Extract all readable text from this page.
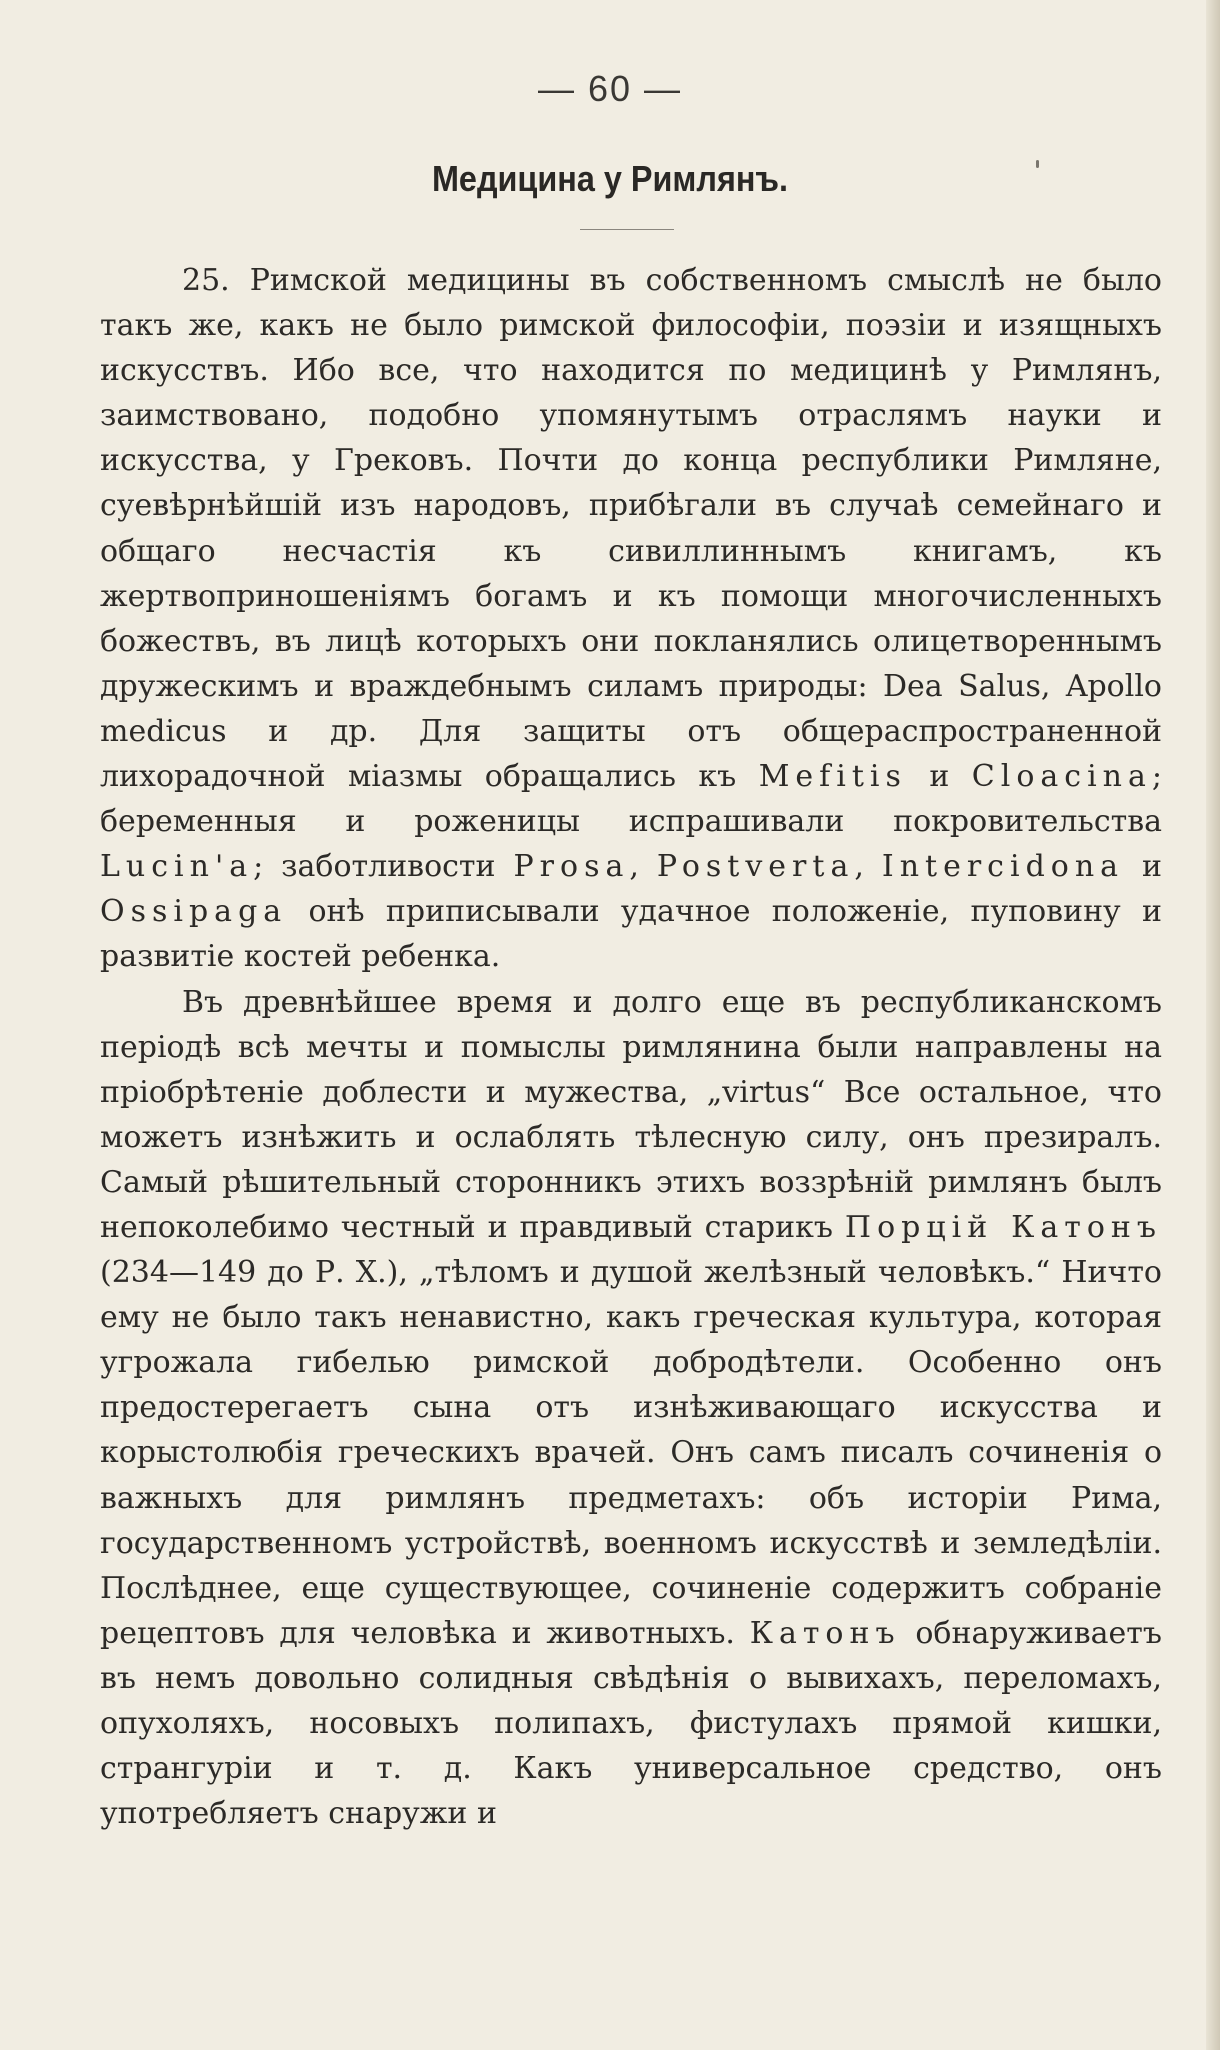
— 60 —
Медицина у Римлянъ.

25. Римской медицины въ собственномъ смыслѣ не было такъ же, какъ не было римской философіи, поэзіи и изящныхъ искусствъ. Ибо все, что находится по медицинѣ у Римлянъ, заимствовано, подобно упомянутымъ отраслямъ науки и искусства, у Грековъ. Почти до конца республики Римляне, суевѣрнѣйшій изъ народовъ, прибѣгали въ случаѣ семейнаго и общаго несчастія къ сивиллиннымъ книгамъ, къ жертвоприношеніямъ богамъ и къ помощи многочисленныхъ божествъ, въ лицѣ которыхъ они покланялись олицетвореннымъ дружескимъ и враждебнымъ силамъ природы: Dea Salus, Apollo medicus и др. Для защиты отъ общераспространенной лихорадочной міазмы обращались къ Mefitis и Cloacina; беременныя и роженицы испрашивали покровительства Lucin'a; заботливости Prosa, Postverta, Intercidona и Ossipaga онѣ приписывали удачное положеніе, пуповину и развитіе костей ребенка.

Въ древнѣйшее время и долго еще въ республиканскомъ періодѣ всѣ мечты и помыслы римлянина были направлены на пріобрѣтеніе доблести и мужества, „virtus“ Все остальное, что можетъ изнѣжить и ослаблять тѣлесную силу, онъ презиралъ. Самый рѣшительный сторонникъ этихъ воззрѣній римлянъ былъ непоколебимо честный и правдивый старикъ Порцій Катонъ (234—149 до Р. Х.), „тѣломъ и душой желѣзный человѣкъ.“ Ничто ему не было такъ ненавистно, какъ греческая культура, которая угрожала гибелью римской добродѣтели. Особенно онъ предостерегаетъ сына отъ изнѣживающаго искусства и корыстолюбія греческихъ врачей. Онъ самъ писалъ сочиненія о важныхъ для римлянъ предметахъ: объ исторіи Рима, государственномъ устройствѣ, военномъ искусствѣ и земледѣліи. Послѣднее, еще существующее, сочиненіе содержитъ собраніе рецептовъ для человѣка и животныхъ. Катонъ обнаруживаетъ въ немъ довольно солидныя свѣдѣнія о вывихахъ, переломахъ, опухоляхъ, носовыхъ полипахъ, фистулахъ прямой кишки, странгуріи и т. д. Какъ универсальное средство, онъ употребляетъ снаружи и
